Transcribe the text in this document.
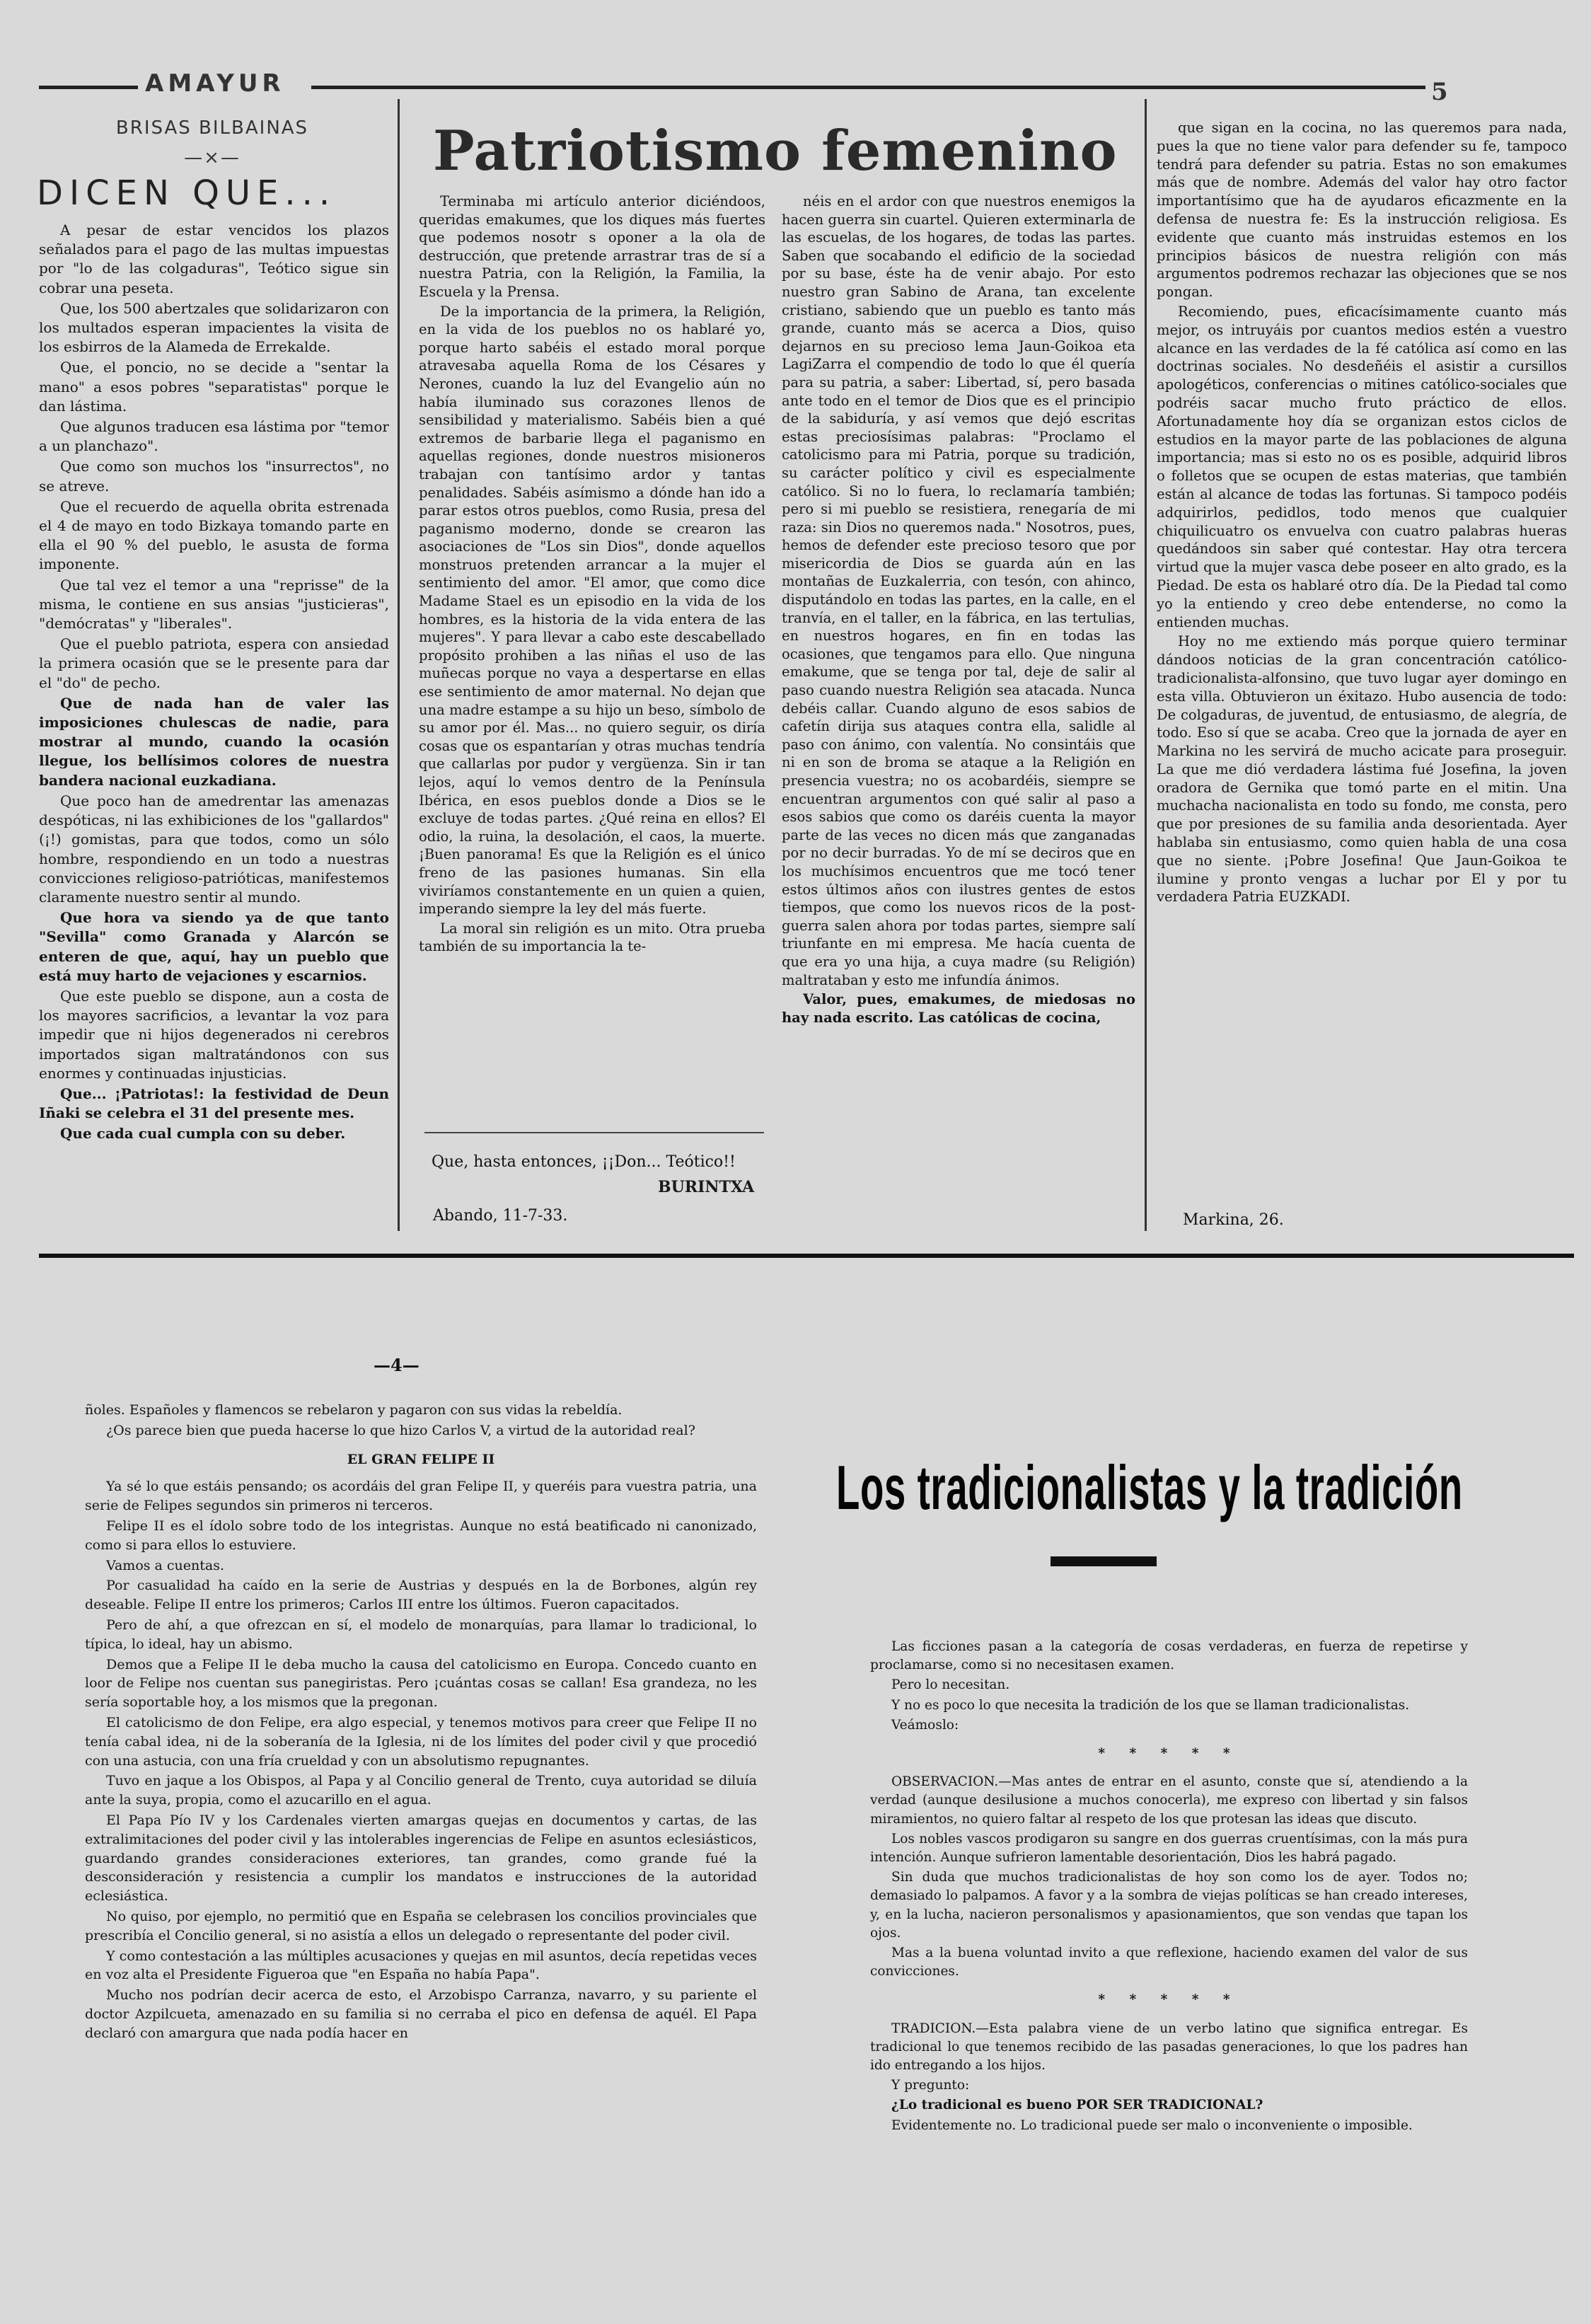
AMAYUR	5
BRISAS BILBAINAS
—×—
DICEN QUE...

A pesar de estar vencidos los plazos señalados para el pago de las multas impuestas por "lo de las colgaduras", Teótico sigue sin cobrar una peseta.

Que, los 500 abertzales que solidarizaron con los multados esperan impacientes la visita de los esbirros de la Alameda de Errekalde.

Que, el poncio, no se decide a "sentar la mano" a esos pobres "separatistas" porque le dan lástima.

Que algunos traducen esa lástima por "temor a un planchazo".

Que como son muchos los "insurrectos", no se atreve.

Que el recuerdo de aquella obrita estrenada el 4 de mayo en todo Bizkaya tomando parte en ella el 90 % del pueblo, le asusta de forma imponente.

Que tal vez el temor a una "reprisse" de la misma, le contiene en sus ansias "justicieras", "demócratas" y "liberales".

Que el pueblo patriota, espera con ansiedad la primera ocasión que se le presente para dar el "do" de pecho.

Que de nada han de valer las imposiciones chulescas de nadie, para mostrar al mundo, cuando la ocasión llegue, los bellísimos colores de nuestra bandera nacional euzkadiana.

Que poco han de amedrentar las amenazas despóticas, ni las exhibiciones de los "gallardos" (¡!) gomistas, para que todos, como un sólo hombre, respondiendo en un todo a nuestras convicciones religioso-patrióticas, manifestemos claramente nuestro sentir al mundo.

Que hora va siendo ya de que tanto "Sevilla" como Granada y Alarcón se enteren de que, aquí, hay un pueblo que está muy harto de vejaciones y escarnios.

Que este pueblo se dispone, aun a costa de los mayores sacrificios, a levantar la voz para impedir que ni hijos degenerados ni cerebros importados sigan maltratándonos con sus enormes y continuadas injusticias.

Que... ¡Patriotas!: la festividad de Deun Iñaki se celebra el 31 del presente mes.

Que cada cual cumpla con su deber.

Patriotismo femenino

Terminaba mi artículo anterior diciéndoos, queridas emakumes, que los diques más fuertes que podemos nosotr s oponer a la ola de destrucción, que pretende arrastrar tras de sí a nuestra Patria, con la Religión, la Familia, la Escuela y la Prensa.

De la importancia de la primera, la Religión, en la vida de los pueblos no os hablaré yo, porque harto sabéis el estado moral porque atravesaba aquella Roma de los Césares y Nerones, cuando la luz del Evangelio aún no había iluminado sus corazones llenos de sensibilidad y materialismo. Sabéis bien a qué extremos de barbarie llega el paganismo en aquellas regiones, donde nuestros misioneros trabajan con tantísimo ardor y tantas penalidades. Sabéis asímismo a dónde han ido a parar estos otros pueblos, como Rusia, presa del paganismo moderno, donde se crearon las asociaciones de "Los sin Dios", donde aquellos monstruos pretenden arrancar a la mujer el sentimiento del amor. "El amor, que como dice Madame Stael es un episodio en la vida de los hombres, es la historia de la vida entera de las mujeres". Y para llevar a cabo este descabellado propósito prohiben a las niñas el uso de las muñecas porque no vaya a despertarse en ellas ese sentimiento de amor maternal. No dejan que una madre estampe a su hijo un beso, símbolo de su amor por él. Mas... no quiero seguir, os diría cosas que os espantarían y otras muchas tendría que callarlas por pudor y vergüenza. Sin ir tan lejos, aquí lo vemos dentro de la Península Ibérica, en esos pueblos donde a Dios se le excluye de todas partes. ¿Qué reina en ellos? El odio, la ruina, la desolación, el caos, la muerte. ¡Buen panorama! Es que la Religión es el único freno de las pasiones humanas. Sin ella viviríamos constantemente en un quien a quien, imperando siempre la ley del más fuerte.

La moral sin religión es un mito. Otra prueba también de su importancia la te-

néis en el ardor con que nuestros enemigos la hacen guerra sin cuartel. Quieren exterminarla de las escuelas, de los hogares, de todas las partes. Saben que socabando el edificio de la sociedad por su base, éste ha de venir abajo. Por esto nuestro gran Sabino de Arana, tan excelente cristiano, sabiendo que un pueblo es tanto más grande, cuanto más se acerca a Dios, quiso dejarnos en su precioso lema Jaun-Goikoa eta LagiZarra el compendio de todo lo que él quería para su patria, a saber: Libertad, sí, pero basada ante todo en el temor de Dios que es el principio de la sabiduría, y así vemos que dejó escritas estas preciosísimas palabras: "Proclamo el catolicismo para mi Patria, porque su tradición, su carácter político y civil es especialmente católico. Si no lo fuera, lo reclamaría también; pero si mi pueblo se resistiera, renegaría de mi raza: sin Dios no queremos nada." Nosotros, pues, hemos de defender este precioso tesoro que por misericordia de Dios se guarda aún en las montañas de Euzkalerria, con tesón, con ahinco, disputándolo en todas las partes, en la calle, en el tranvía, en el taller, en la fábrica, en las tertulias, en nuestros hogares, en fin en todas las ocasiones, que tengamos para ello. Que ninguna emakume, que se tenga por tal, deje de salir al paso cuando nuestra Religión sea atacada. Nunca debéis callar. Cuando alguno de esos sabios de cafetín dirija sus ataques contra ella, salidle al paso con ánimo, con valentía. No consintáis que ni en son de broma se ataque a la Religión en presencia vuestra; no os acobardéis, siempre se encuentran argumentos con qué salir al paso a esos sabios que como os daréis cuenta la mayor parte de las veces no dicen más que zanganadas por no decir burradas. Yo de mí se deciros que en los muchísimos encuentros que me tocó tener estos últimos años con ilustres gentes de estos tiempos, que como los nuevos ricos de la post-guerra salen ahora por todas partes, siempre salí triunfante en mi empresa. Me hacía cuenta de que era yo una hija, a cuya madre (su Religión) maltrataban y esto me infundía ánimos.

Valor, pues, emakumes, de miedosas no hay nada escrito. Las católicas de cocina,

que sigan en la cocina, no las queremos para nada, pues la que no tiene valor para defender su fe, tampoco tendrá para defender su patria. Estas no son emakumes más que de nombre. Además del valor hay otro factor importantísimo que ha de ayudaros eficazmente en la defensa de nuestra fe: Es la instrucción religiosa. Es evidente que cuanto más instruidas estemos en los principios básicos de nuestra religión con más argumentos podremos rechazar las objeciones que se nos pongan.

Recomiendo, pues, eficacísimamente cuanto más mejor, os intruyáis por cuantos medios estén a vuestro alcance en las verdades de la fé católica así como en las doctrinas sociales. No desdeñéis el asistir a cursillos apologéticos, conferencias o mitines católico-sociales que podréis sacar mucho fruto práctico de ellos. Afortunadamente hoy día se organizan estos ciclos de estudios en la mayor parte de las poblaciones de alguna importancia; mas si esto no os es posible, adquirid libros o folletos que se ocupen de estas materias, que también están al alcance de todas las fortunas. Si tampoco podéis adquirirlos, pedidlos, todo menos que cualquier chiquilicuatro os envuelva con cuatro palabras hueras quedándoos sin saber qué contestar. Hay otra tercera virtud que la mujer vasca debe poseer en alto grado, es la Piedad. De esta os hablaré otro día. De la Piedad tal como yo la entiendo y creo debe entenderse, no como la entienden muchas.

Hoy no me extiendo más porque quiero terminar dándoos noticias de la gran concentración católico-tradicionalista-alfonsino, que tuvo lugar ayer domingo en esta villa. Obtuvieron un éxitazo. Hubo ausencia de todo: De colgaduras, de juventud, de entusiasmo, de alegría, de todo. Eso sí que se acaba. Creo que la jornada de ayer en Markina no les servirá de mucho acicate para proseguir. La que me dió verdadera lástima fué Josefina, la joven oradora de Gernika que tomó parte en el mitin. Una muchacha nacionalista en todo su fondo, me consta, pero que por presiones de su familia anda desorientada. Ayer hablaba sin entusiasmo, como quien habla de una cosa que no siente. ¡Pobre Josefina! Que Jaun-Goikoa te ilumine y pronto vengas a luchar por El y por tu verdadera Patria EUZKADI.

Que, hasta entonces, ¡¡Don... Teótico!!
BURINTXA
Abando, 11-7-33.	Markina, 26.
—4—

ñoles. Españoles y flamencos se rebelaron y pagaron con sus vidas la rebeldía.

¿Os parece bien que pueda hacerse lo que hizo Carlos V, a virtud de la autoridad real?

EL GRAN FELIPE II

Ya sé lo que estáis pensando; os acordáis del gran Felipe II, y queréis para vuestra patria, una serie de Felipes segundos sin primeros ni terceros.

Felipe II es el ídolo sobre todo de los integristas. Aunque no está beatificado ni canonizado, como si para ellos lo estuviere.

Vamos a cuentas.

Por casualidad ha caído en la serie de Austrias y después en la de Borbones, algún rey deseable. Felipe II entre los primeros; Carlos III entre los últimos. Fueron capacitados.

Pero de ahí, a que ofrezcan en sí, el modelo de monarquías, para llamar lo tradicional, lo típica, lo ideal, hay un abismo.

Demos que a Felipe II le deba mucho la causa del catolicismo en Europa. Concedo cuanto en loor de Felipe nos cuentan sus panegiristas. Pero ¡cuántas cosas se callan! Esa grandeza, no les sería soportable hoy, a los mismos que la pregonan.

El catolicismo de don Felipe, era algo especial, y tenemos motivos para creer que Felipe II no tenía cabal idea, ni de la soberanía de la Iglesia, ni de los límites del poder civil y que procedió con una astucia, con una fría crueldad y con un absolutismo repugnantes.

Tuvo en jaque a los Obispos, al Papa y al Concilio general de Trento, cuya autoridad se diluía ante la suya, propia, como el azucarillo en el agua.

El Papa Pío IV y los Cardenales vierten amargas quejas en documentos y cartas, de las extralimitaciones del poder civil y las intolerables ingerencias de Felipe en asuntos eclesiásticos, guardando grandes consideraciones exteriores, tan grandes, como grande fué la desconsideración y resistencia a cumplir los mandatos e instrucciones de la autoridad eclesiástica.

No quiso, por ejemplo, no permitió que en España se celebrasen los concilios provinciales que prescribía el Concilio general, si no asistía a ellos un delegado o representante del poder civil.

Y como contestación a las múltiples acusaciones y quejas en mil asuntos, decía repetidas veces en voz alta el Presidente Figueroa que "en España no había Papa".

Mucho nos podrían decir acerca de esto, el Arzobispo Carranza, navarro, y su pariente el doctor Azpilcueta, amenazado en su familia si no cerraba el pico en defensa de aquél. El Papa declaró con amargura que nada podía hacer en

Los tradicionalistas y la tradición

Las ficciones pasan a la categoría de cosas verdaderas, en fuerza de repetirse y proclamarse, como si no necesitasen examen.

Pero lo necesitan.

Y no es poco lo que necesita la tradición de los que se llaman tradicionalistas.

Veámoslo:

* * * * *

OBSERVACION.—Mas antes de entrar en el asunto, conste que sí, atendiendo a la verdad (aunque desilusione a muchos conocerla), me expreso con libertad y sin falsos miramientos, no quiero faltar al respeto de los que protesan las ideas que discuto.

Los nobles vascos prodigaron su sangre en dos guerras cruentísimas, con la más pura intención. Aunque sufrieron lamentable desorientación, Dios les habrá pagado.

Sin duda que muchos tradicionalistas de hoy son como los de ayer. Todos no; demasiado lo palpamos. A favor y a la sombra de viejas políticas se han creado intereses, y, en la lucha, nacieron personalismos y apasionamientos, que son vendas que tapan los ojos.

Mas a la buena voluntad invito a que reflexione, haciendo examen del valor de sus convicciones.

* * * * *

TRADICION.—Esta palabra viene de un verbo latino que significa entregar. Es tradicional lo que tenemos recibido de las pasadas generaciones, lo que los padres han ido entregando a los hijos.

Y pregunto:

¿Lo tradicional es bueno POR SER TRADICIONAL?

Evidentemente no. Lo tradicional puede ser malo o inconveniente o imposible.
